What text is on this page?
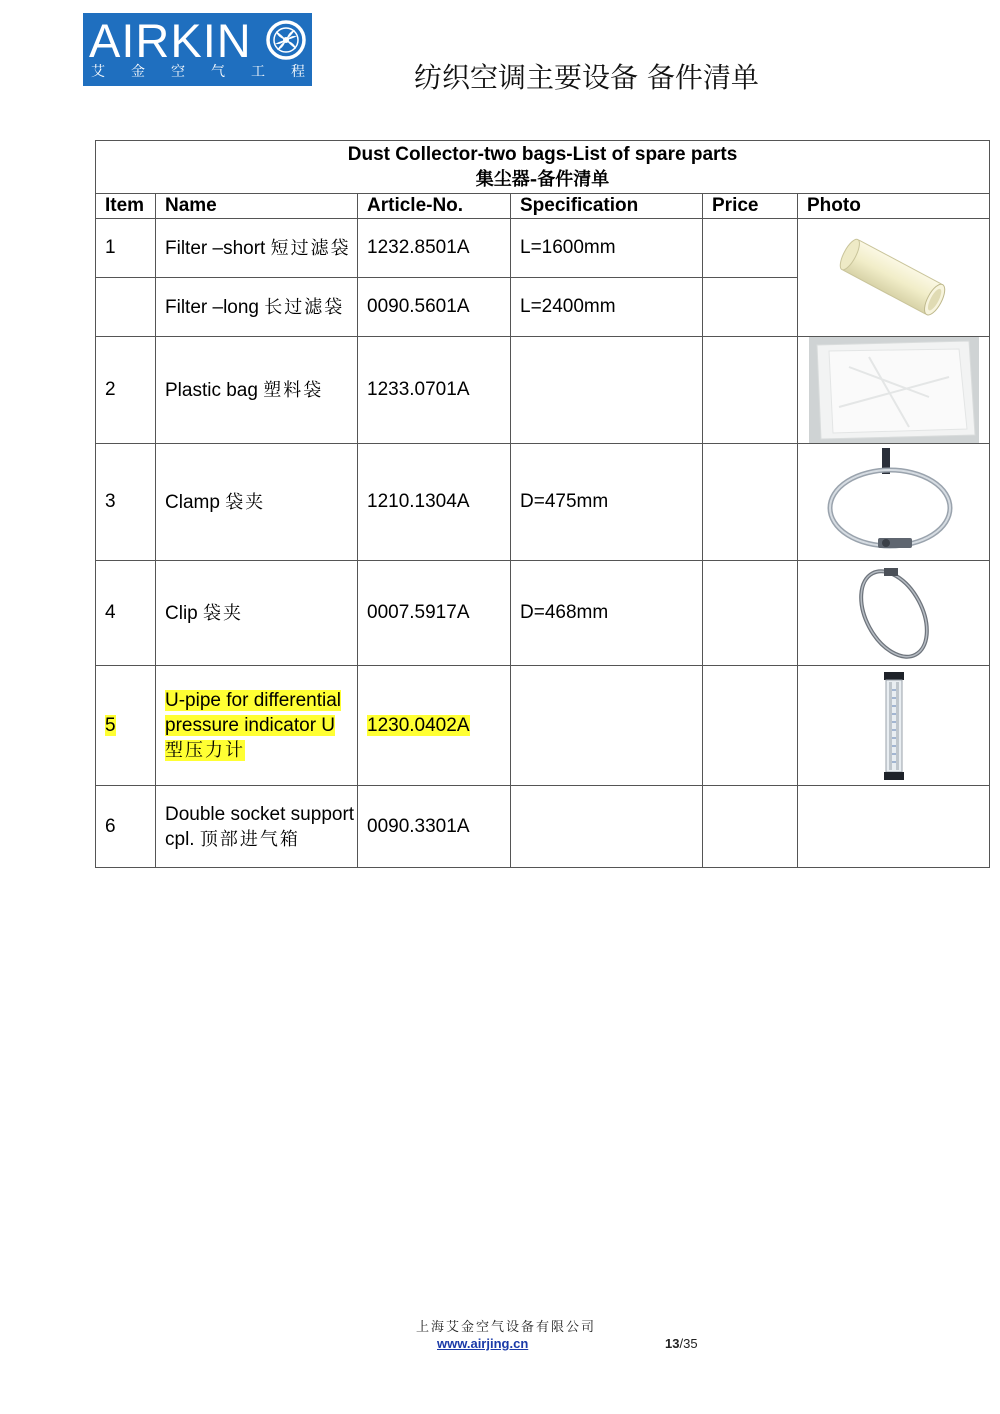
AIRKIN
艾 金 空 气 工 程	纺织空调主要设备 备件清单
Dust Collector-two bags-List of spare parts
集尘器-备件清单					

Item	Name	Article-No.	Specification	Price	Photo
1	Filter –short 短过滤袋	1232.8501A	L=1600mm		

	Filter –long 长过滤袋	0090.5601A	L=2400mm		
2	Plastic bag 塑料袋	1233.0701A			

3	Clamp 袋夹	1210.1304A	D=475mm		

4	Clip 袋夹	0007.5917A	D=468mm		

5	U-pipe for differential pressure indicator U 型压力计	1230.0402A			

6	Double socket support cpl. 顶部进气箱	0090.3301A			
上海艾金空气设备有限公司
www.airjing.cn	13/35
